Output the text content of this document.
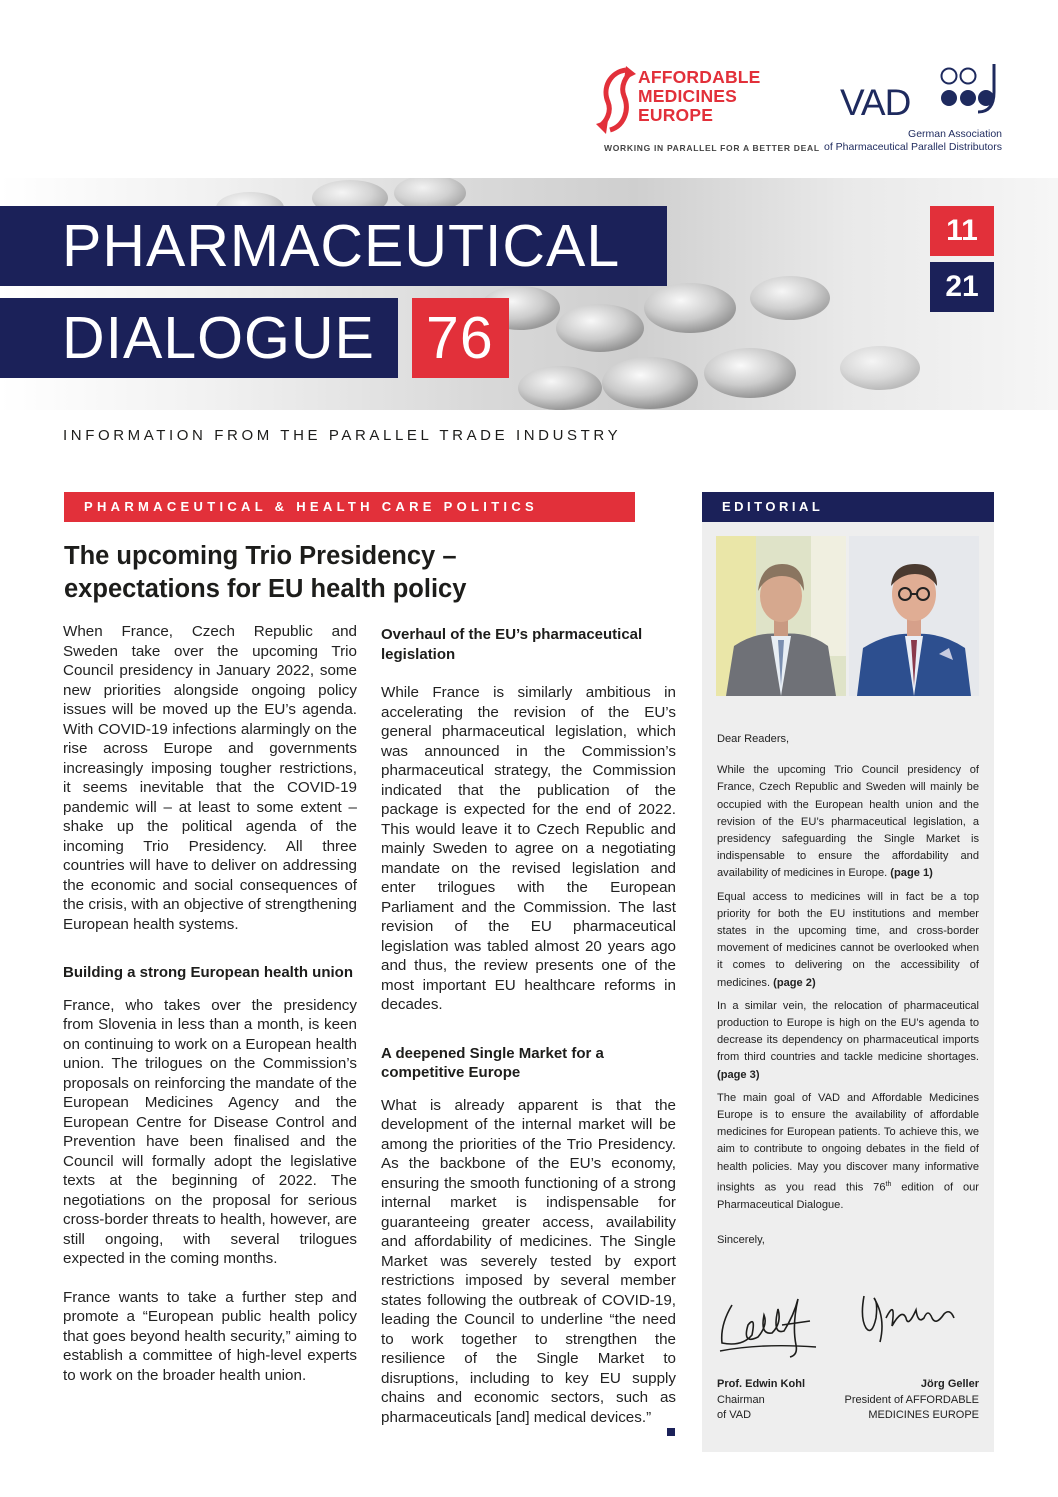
AFFORDABLE
MEDICINES
EUROPE
WORKING IN PARALLEL FOR A BETTER DEAL
VAD
German Association
of Pharmaceutical Parallel Distributors
PHARMACEUTICAL
DIALOGUE 76
11
21
INFORMATION FROM THE PARALLEL TRADE INDUSTRY
PHARMACEUTICAL & HEALTH CARE POLITICS	EDITORIAL
The upcoming Trio Presidency –
expectations for EU health policy

When France, Czech Republic and Sweden take over the upcoming Trio Council presidency in January 2022, some new priorities alongside ongoing policy issues will be moved up the EU’s agenda. With COVID-19 infections alarmingly on the rise across Europe and governments increasingly imposing tougher restrictions, it seems inevitable that the COVID-19 pandemic will – at least to some extent – shake up the political agenda of the incoming Trio Presidency. All three countries will have to deliver on addressing the economic and social consequences of the crisis, with an objective of strengthening European health systems.

Building a strong European health union

France, who takes over the presidency from Slovenia in less than a month, is keen on continuing to work on a European health union. The trilogues on the Commission’s proposals on reinforcing the mandate of the European Medicines Agency and the European Centre for Disease Control and Prevention have been finalised and the Council will formally adopt the legislative texts at the beginning of 2022. The negotiations on the proposal for serious cross-border threats to health, however, are still ongoing, with several trilogues expected in the coming months.

France wants to take a further step and promote a “European public health policy that goes beyond health security,” aiming to establish a committee of high-level experts to work on the broader health union.

Overhaul of the EU’s pharmaceutical legislation

While France is similarly ambitious in accelerating the revision of the EU’s general pharmaceutical legislation, which was announced in the Commission’s pharmaceutical strategy, the Commission indicated that the publication of the package is expected for the end of 2022. This would leave it to Czech Republic and mainly Sweden to agree on a negotiating mandate on the revised legislation and enter trilogues with the European Parliament and the Commission. The last revision of the EU pharmaceutical legislation was tabled almost 20 years ago and thus, the review presents one of the most important EU healthcare reforms in decades.

A deepened Single Market for a competitive Europe

What is already apparent is that the development of the internal market will be among the priorities of the Trio Presidency. As the backbone of the EU’s economy, ensuring the smooth functioning of a strong internal market is indispensable for guaranteeing greater access, availability and affordability of medicines. The Single Market was severely tested by export restrictions imposed by several member states following the outbreak of COVID-19, leading the Council to underline “the need to work together to strengthen the resilience of the Single Market to disruptions, including to key EU supply chains and economic sectors, such as pharmaceuticals [and] medical devices.”

Dear Readers,

While the upcoming Trio Council presidency of France, Czech Republic and Sweden will mainly be occupied with the European health union and the revision of the EU’s pharmaceutical legislation, a presidency safeguarding the Single Market is indispensable to ensure the affordability and availability of medicines in Europe. (page 1)

Equal access to medicines will in fact be a top priority for both the EU institutions and member states in the upcoming time, and cross-border movement of medicines cannot be overlooked when it comes to delivering on the accessibility of medicines. (page 2)

In a similar vein, the relocation of pharmaceutical production to Europe is high on the EU’s agenda to decrease its dependency on pharmaceutical imports from third countries and tackle medicine shortages. (page 3)

The main goal of VAD and Affordable Medicines Europe is to ensure the availability of affordable medicines for European patients. To achieve this, we aim to contribute to ongoing debates in the field of health policies. May you discover many informative insights as you read this 76th edition of our Pharmaceutical Dialogue.

Sincerely,

Prof. Edwin Kohl
Chairman
of VAD
Jörg Geller
President of AFFORDABLE
MEDICINES EUROPE
